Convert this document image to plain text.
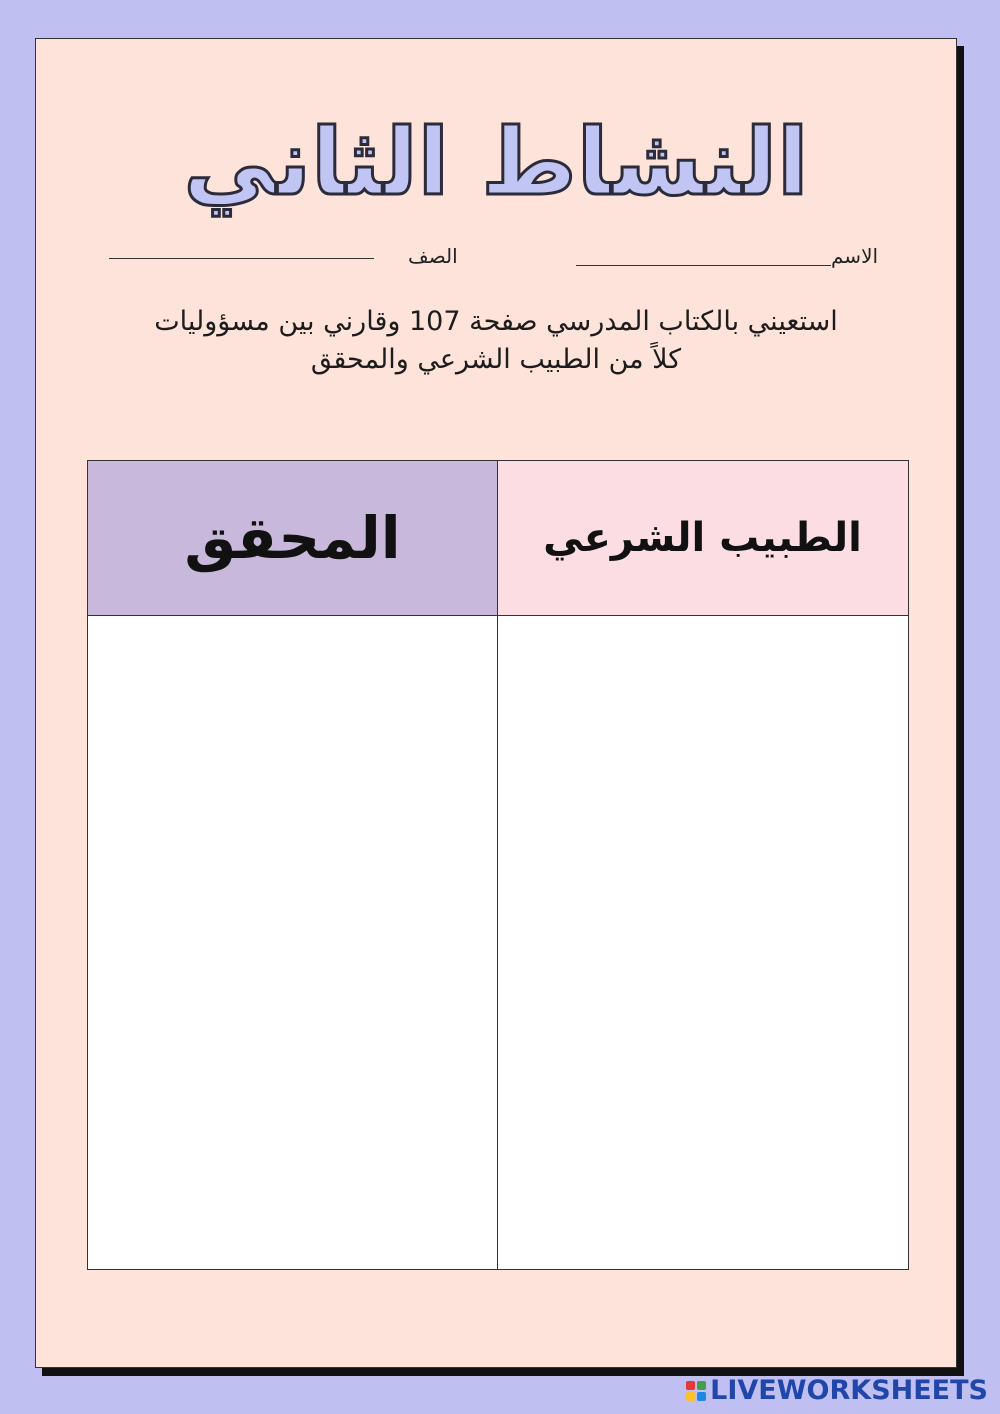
النشاط الثاني
الاسم
الصف
استعيني بالكتاب المدرسي صفحة 107 وقارني بين مسؤوليات كلاً من الطبيب الشرعي والمحقق
الطبيب الشرعي
المحقق
LIVEWORKSHEETS
